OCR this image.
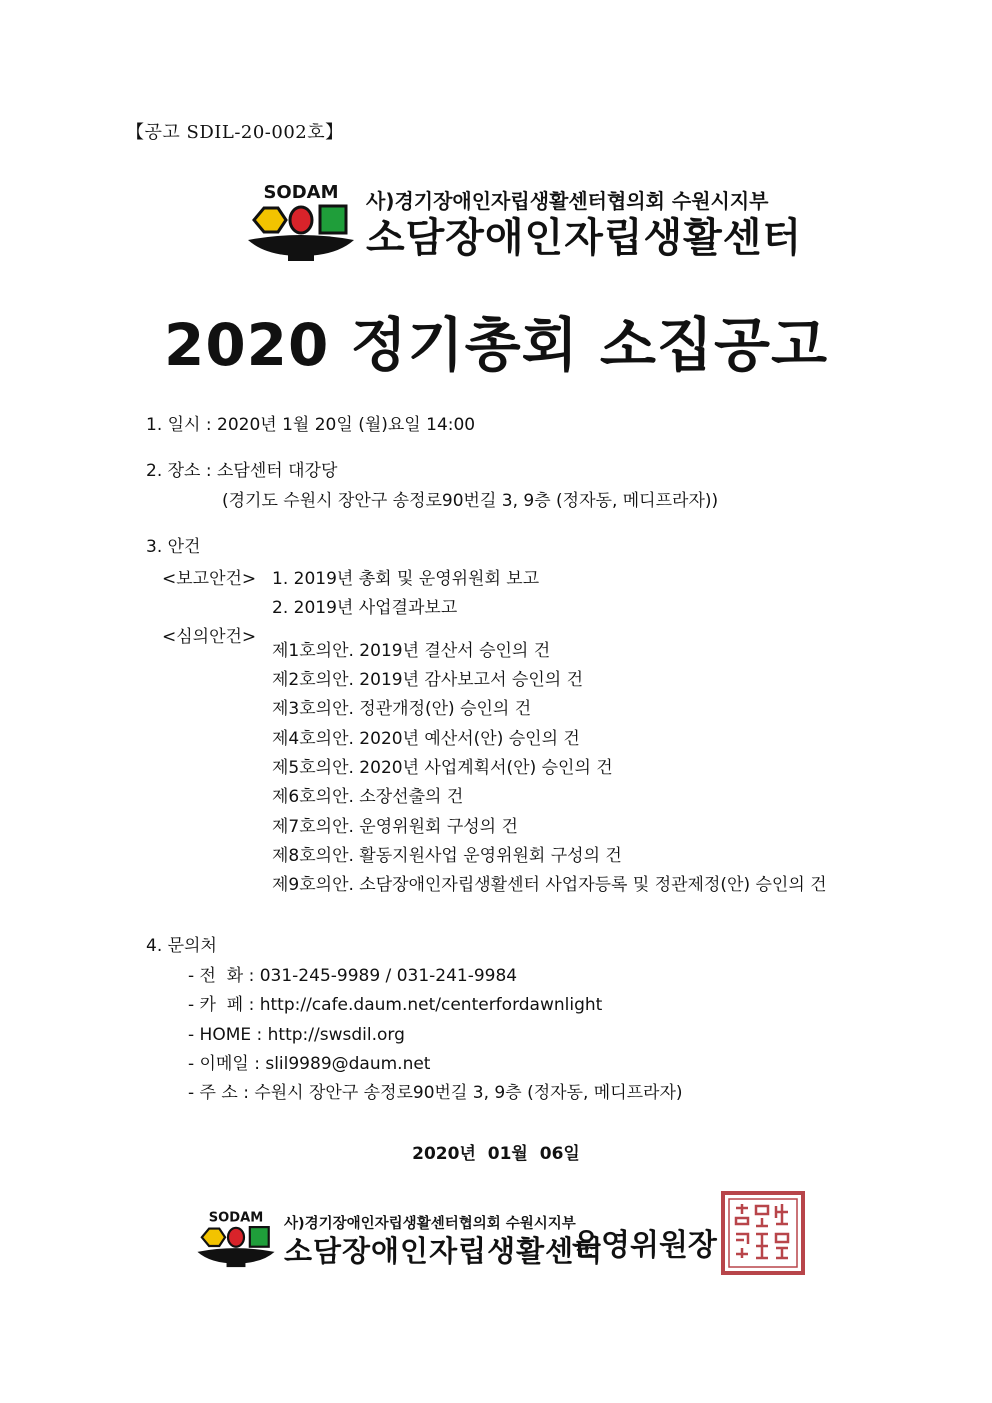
【공고 SDIL-20-002호】
SODAM 사)경기장애인자립생활센터협의회 수원시지부
소담장애인자립생활센터
2020 정기총회 소집공고
1. 일시 : 2020년 1월 20일 (월)요일 14:00
2. 장소 : 소담센터 대강당
(경기도 수원시 장안구 송정로90번길 3, 9층 (정자동, 메디프라자))
3. 안건
<보고안건> 1. 2019년 총회 및 운영위원회 보고
2. 2019년 사업결과보고
<심의안건>
제1호의안. 2019년 결산서 승인의 건
제2호의안. 2019년 감사보고서 승인의 건
제3호의안. 정관개정(안) 승인의 건
제4호의안. 2020년 예산서(안) 승인의 건
제5호의안. 2020년 사업계획서(안) 승인의 건
제6호의안. 소장선출의 건
제7호의안. 운영위원회 구성의 건
제8호의안. 활동지원사업 운영위원회 구성의 건
제9호의안. 소담장애인자립생활센터 사업자등록 및 정관제정(안) 승인의 건
4. 문의처
- 전  화 : 031-245-9989 / 031-241-9984
- 카  페 : http://cafe.daum.net/centerfordawnlight
- HOME : http://swsdil.org
- 이메일 : slil9989@daum.net
- 주 소 : 수원시 장안구 송정로90번길 3, 9층 (정자동, 메디프라자)
2020년 01월 06일
SODAM 사)경기장애인자립생활센터협의회 수원시지부
소담장애인자립생활센터
운영위원장
